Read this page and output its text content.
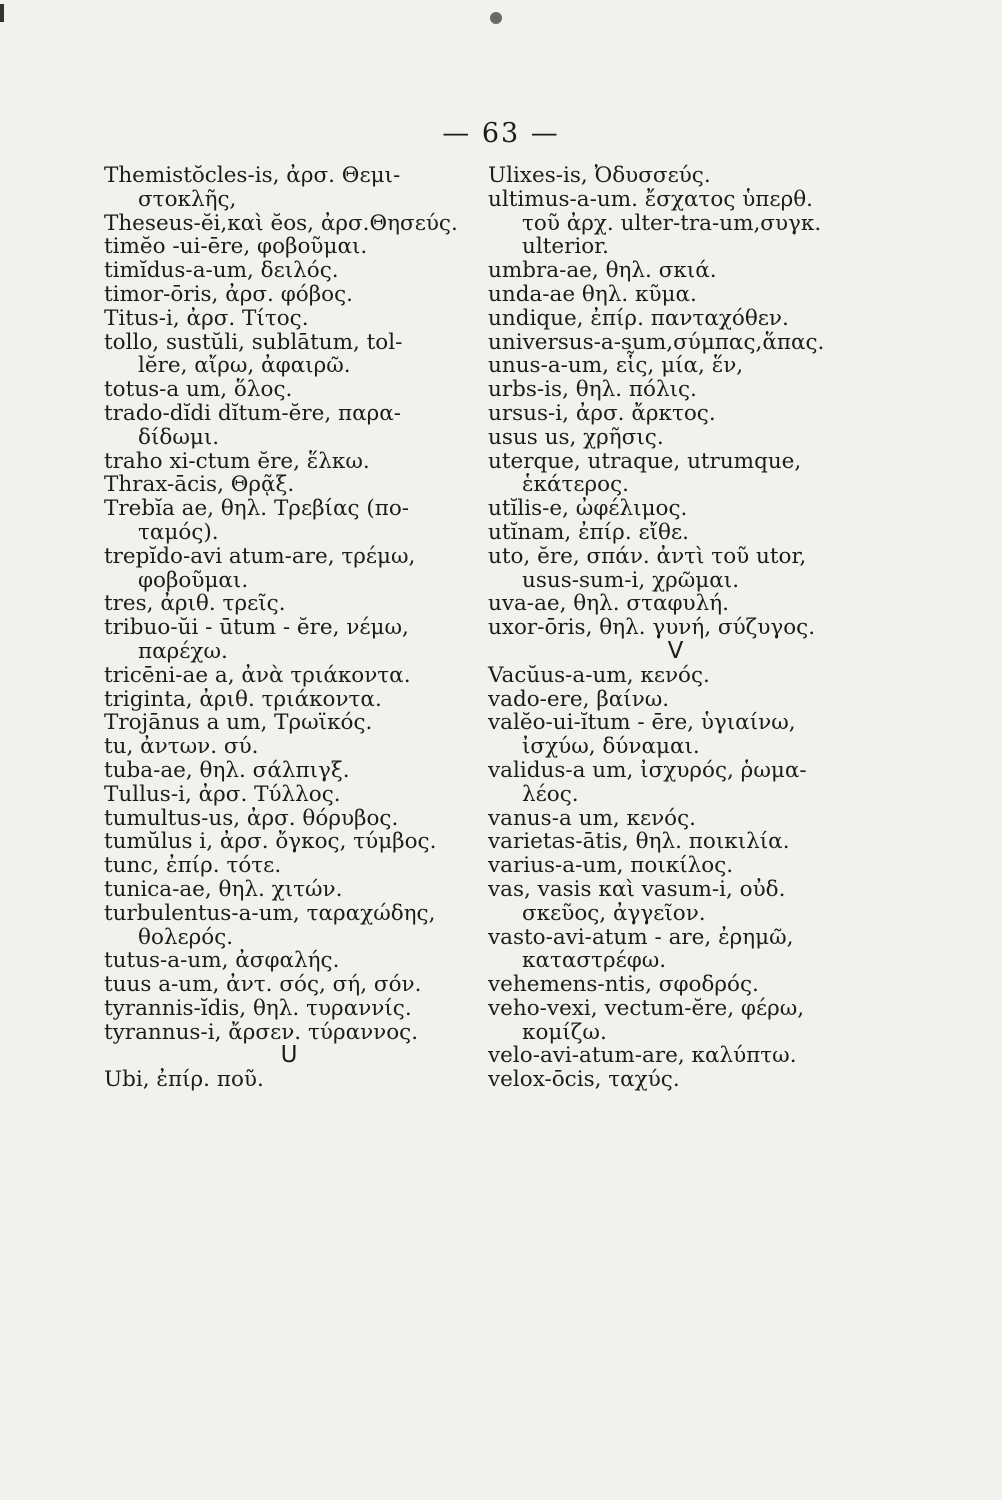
— 63 —
Themistŏcles-is, ἀρσ. Θεμι-
στοκλῆς,
Theseus-ĕi,καὶ ĕos, ἀρσ.Θησεύς.
timĕo -ui-ēre, φοβοῦμαι.
timĭdus-a-um, δειλός.
timor-ōris, ἀρσ. φόβος.
Titus-i, ἀρσ. Τίτος.
tollo, sustŭli, sublātum, tol-
lĕre, αἴρω, ἀφαιρῶ.
totus-a um, ὅλος.
trado-dĭdi dĭtum-ĕre, παρα-
δίδωμι.
traho xi-ctum ĕre, ἕλκω.
Thrax-ācis, Θρᾷξ.
Trebĭa ae, θηλ. Τρεβίας (πο-
ταμός).
trepĭdo-avi atum-are, τρέμω,
φοβοῦμαι.
tres, ἀριθ. τρεῖς.
tribuo-ŭi - ūtum - ĕre, νέμω,
παρέχω.
tricēni-ae a, ἀνὰ τριάκοντα.
triginta, ἀριθ. τριάκοντα.
Trojānus a um, Τρωϊκός.
tu, ἀντων. σύ.
tuba-ae, θηλ. σάλπιγξ.
Tullus-i, ἀρσ. Τύλλος.
tumultus-us, ἀρσ. θόρυβος.
tumŭlus i, ἀρσ. ὄγκος, τύμβος.
tunc, ἐπίρ. τότε.
tunica-ae, θηλ. χιτών.
turbulentus-a-um, ταραχώδης,
θολερός.
tutus-a-um, ἀσφαλής.
tuus a-um, ἀντ. σός, σή, σόν.
tyrannis-ĭdis, θηλ. τυραννίς.
tyrannus-i, ἄρσεν. τύραννος.
U
Ubi, ἐπίρ. ποῦ.
Ulixes-is, Ὀδυσσεύς.
ultimus-a-um. ἔσχατος ὑπερθ.
τοῦ ἀρχ. ulter-tra-um,συγκ.
ulterior.
umbra-ae, θηλ. σκιά.
unda-ae θηλ. κῦμα.
undique, ἐπίρ. πανταχόθεν.
universus-a-sum,σύμπας,ἅπας.
unus-a-um, εἷς, μία, ἕν,
urbs-is, θηλ. πόλις.
ursus-i, ἀρσ. ἄρκτος.
usus us, χρῆσις.
uterque, utraque, utrumque,
ἑκάτερος.
utĭlis-e, ὠφέλιμος.
utĭnam, ἐπίρ. εἴθε.
uto, ĕre, σπάν. ἀντὶ τοῦ utor,
usus-sum-i, χρῶμαι.
uva-ae, θηλ. σταφυλή.
uxor-ōris, θηλ. γυνή, σύζυγος.
V
Vacŭus-a-um, κενός.
vado-ere, βαίνω.
valĕo-ui-ĭtum - ēre, ὑγιαίνω,
ἰσχύω, δύναμαι.
validus-a um, ἰσχυρός, ῥωμα-
λέος.
vanus-a um, κενός.
varietas-ātis, θηλ. ποικιλία.
varius-a-um, ποικίλος.
vas, vasis καὶ vasum-i, οὐδ.
σκεῦος, ἀγγεῖον.
vasto-avi-atum - are, ἐρημῶ,
καταστρέφω.
vehemens-ntis, σφοδρός.
veho-vexi, vectum-ĕre, φέρω,
κομίζω.
velo-avi-atum-are, καλύπτω.
velox-ōcis, ταχύς.
